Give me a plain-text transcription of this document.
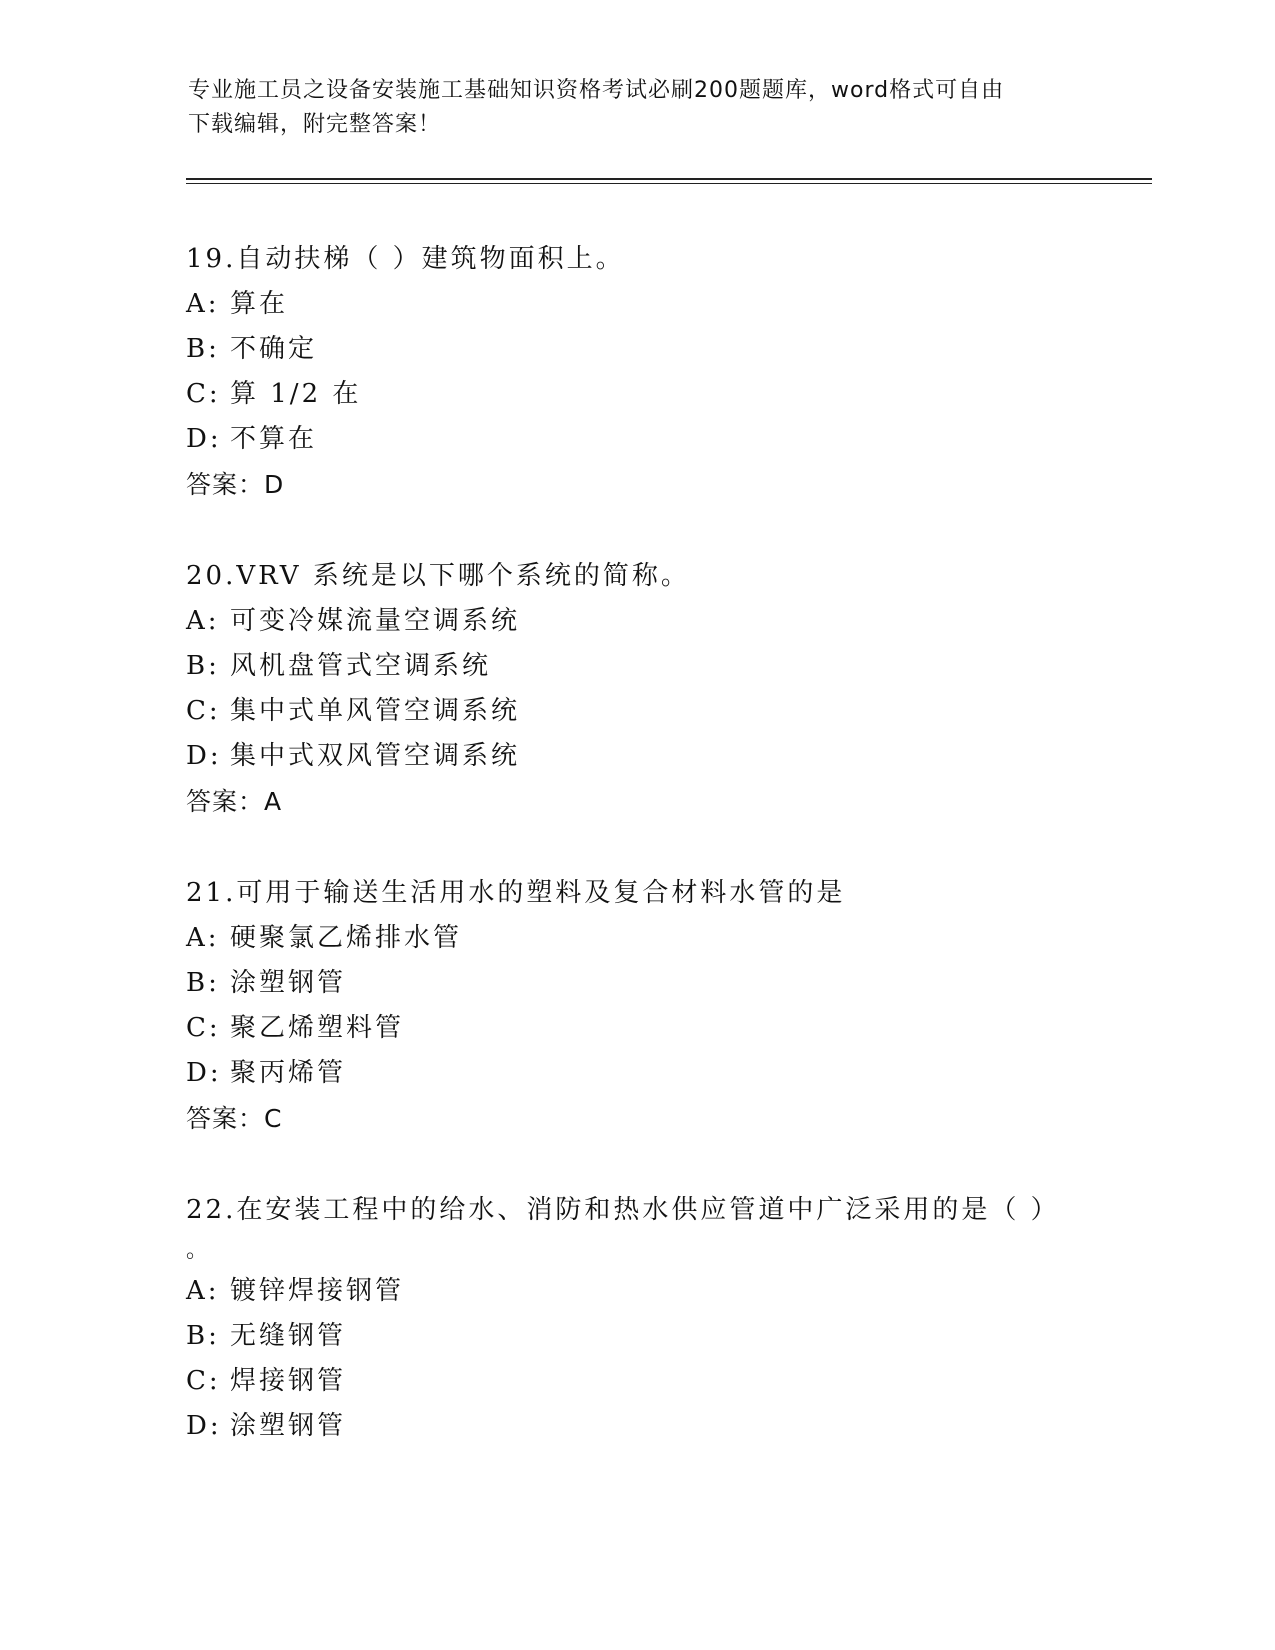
专业施工员之设备安装施工基础知识资格考试必刷200题题库，word格式可自由
下载编辑，附完整答案！
19.自动扶梯（ ）建筑物面积上。
A: 算在
B: 不确定
C: 算 1/2 在
D: 不算在
答案：D
20.VRV 系统是以下哪个系统的简称。
A: 可变冷媒流量空调系统
B: 风机盘管式空调系统
C: 集中式单风管空调系统
D: 集中式双风管空调系统
答案：A
21.可用于输送生活用水的塑料及复合材料水管的是
A: 硬聚氯乙烯排水管
B: 涂塑钢管
C: 聚乙烯塑料管
D: 聚丙烯管
答案：C
22.在安装工程中的给水、消防和热水供应管道中广泛采用的是（ ）
。
A: 镀锌焊接钢管
B: 无缝钢管
C: 焊接钢管
D: 涂塑钢管
